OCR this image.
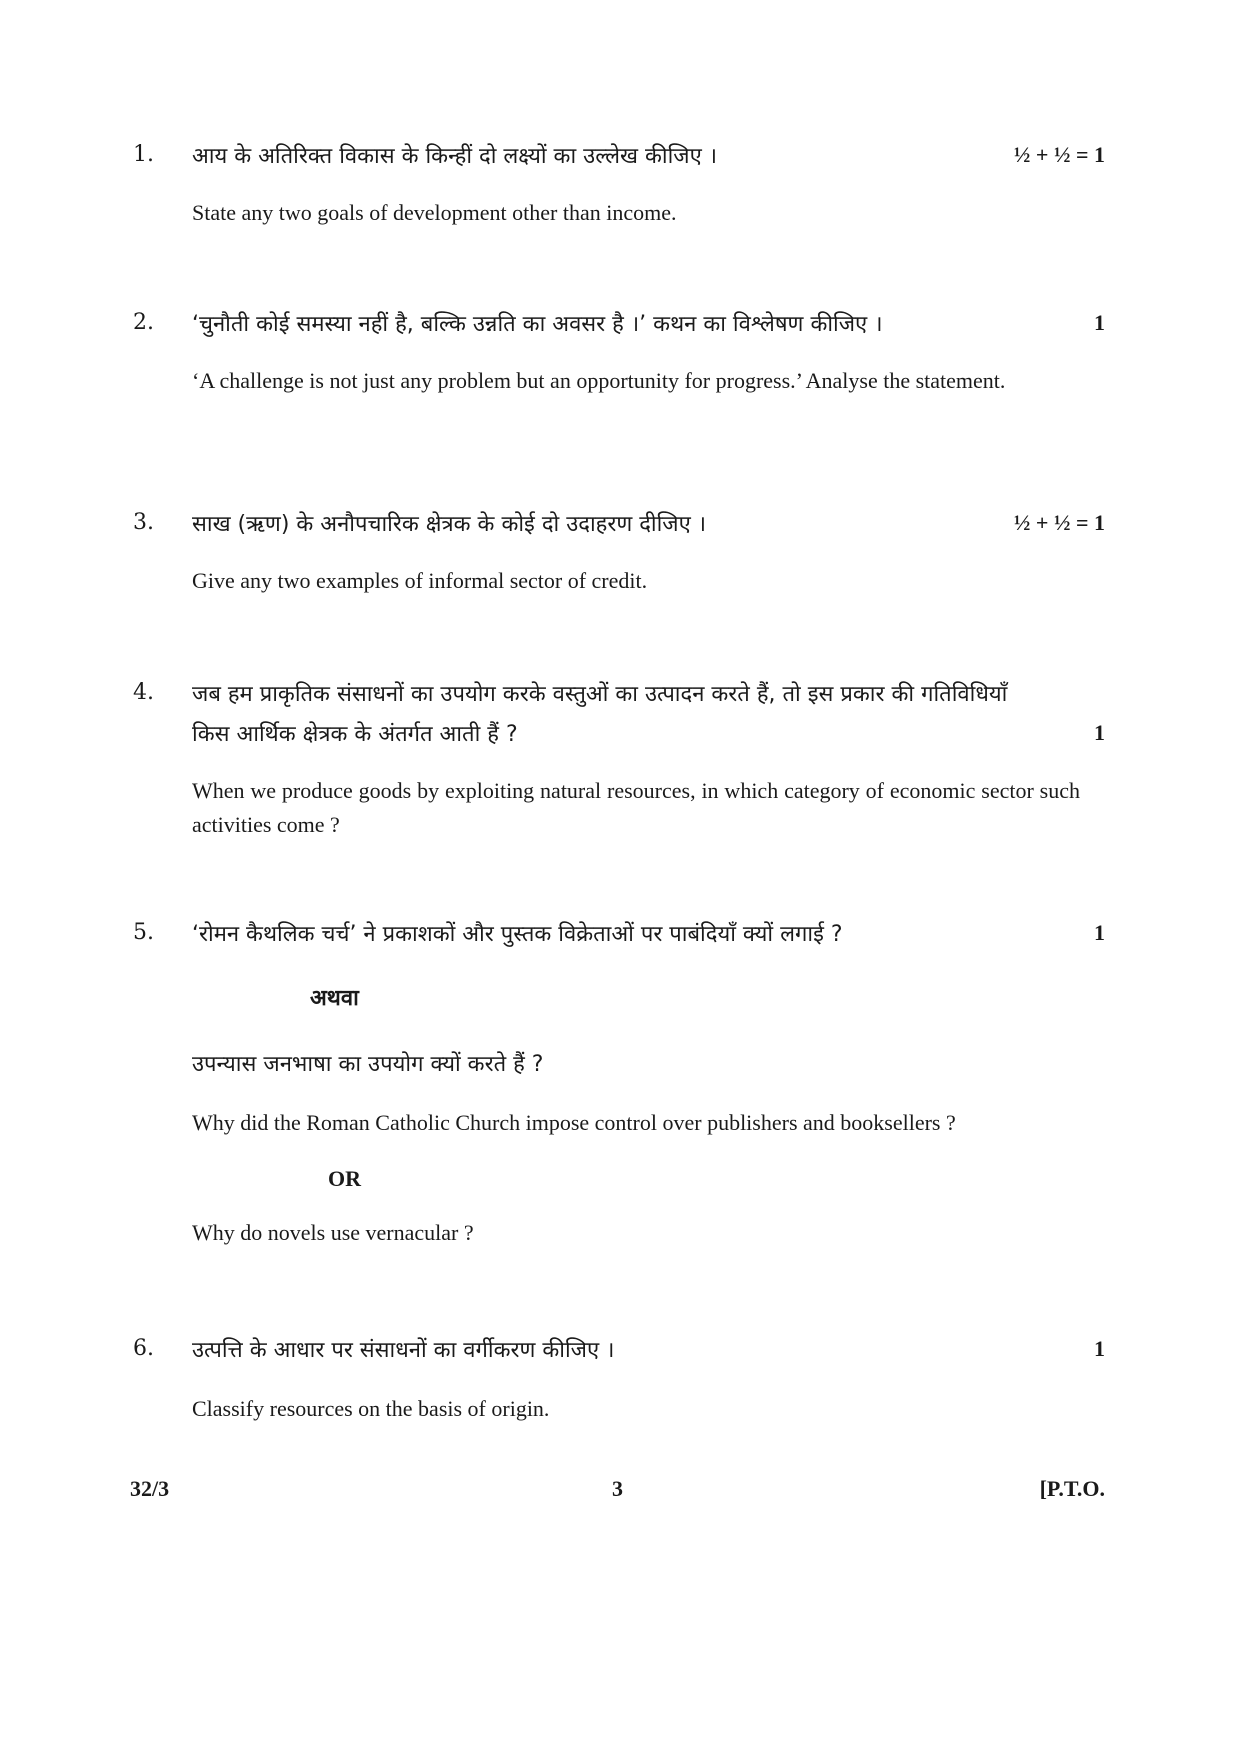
1. आय के अतिरिक्त विकास के किन्हीं दो लक्ष्यों का उल्लेख कीजिए ।	½ + ½ = 1
State any two goals of development other than income.
2. ‘चुनौती कोई समस्या नहीं है, बल्कि उन्नति का अवसर है ।’ कथन का विश्लेषण कीजिए ।	1
‘A challenge is not just any problem but an opportunity for progress.’ Analyse the statement.
3. साख (ऋण) के अनौपचारिक क्षेत्रक के कोई दो उदाहरण दीजिए ।	½ + ½ = 1
Give any two examples of informal sector of credit.
4. जब हम प्राकृतिक संसाधनों का उपयोग करके वस्तुओं का उत्पादन करते हैं, तो इस प्रकार की गतिविधियाँ
किस आर्थिक क्षेत्रक के अंतर्गत आती हैं ?	1
When we produce goods by exploiting natural resources, in which category of economic sector such activities come ?
5. ‘रोमन कैथलिक चर्च’ ने प्रकाशकों और पुस्तक विक्रेताओं पर पाबंदियाँ क्यों लगाई ?	1
अथवा
उपन्यास जनभाषा का उपयोग क्यों करते हैं ?
Why did the Roman Catholic Church impose control over publishers and booksellers ?
OR
Why do novels use vernacular ?
6. उत्पत्ति के आधार पर संसाधनों का वर्गीकरण कीजिए ।	1
Classify resources on the basis of origin.
32/3	3	[P.T.O.
